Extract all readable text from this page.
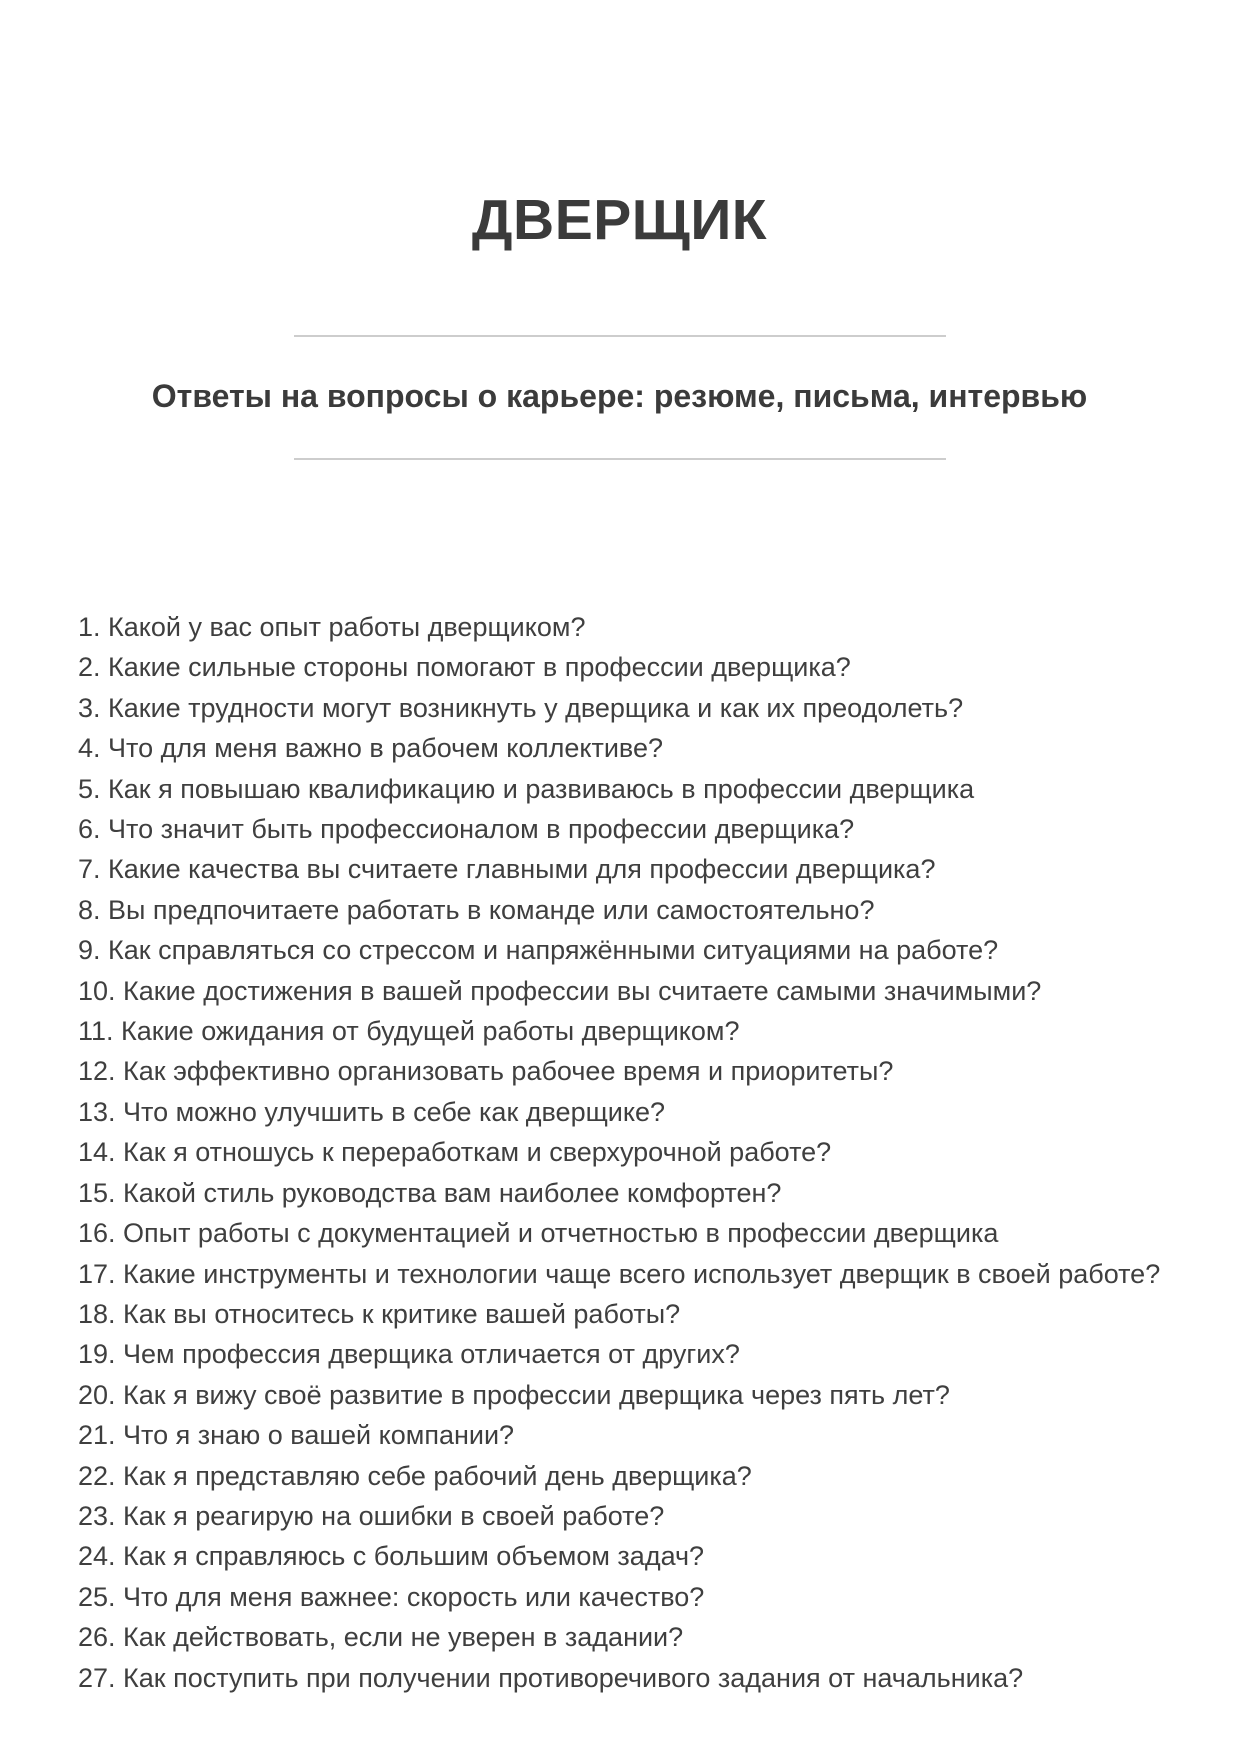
ДВЕРЩИК
Ответы на вопросы о карьере: резюме, письма, интервью
1. Какой у вас опыт работы дверщиком?
2. Какие сильные стороны помогают в профессии дверщика?
3. Какие трудности могут возникнуть у дверщика и как их преодолеть?
4. Что для меня важно в рабочем коллективе?
5. Как я повышаю квалификацию и развиваюсь в профессии дверщика
6. Что значит быть профессионалом в профессии дверщика?
7. Какие качества вы считаете главными для профессии дверщика?
8. Вы предпочитаете работать в команде или самостоятельно?
9. Как справляться со стрессом и напряжёнными ситуациями на работе?
10. Какие достижения в вашей профессии вы считаете самыми значимыми?
11. Какие ожидания от будущей работы дверщиком?
12. Как эффективно организовать рабочее время и приоритеты?
13. Что можно улучшить в себе как дверщике?
14. Как я отношусь к переработкам и сверхурочной работе?
15. Какой стиль руководства вам наиболее комфортен?
16. Опыт работы с документацией и отчетностью в профессии дверщика
17. Какие инструменты и технологии чаще всего использует дверщик в своей работе?
18. Как вы относитесь к критике вашей работы?
19. Чем профессия дверщика отличается от других?
20. Как я вижу своё развитие в профессии дверщика через пять лет?
21. Что я знаю о вашей компании?
22. Как я представляю себе рабочий день дверщика?
23. Как я реагирую на ошибки в своей работе?
24. Как я справляюсь с большим объемом задач?
25. Что для меня важнее: скорость или качество?
26. Как действовать, если не уверен в задании?
27. Как поступить при получении противоречивого задания от начальника?
